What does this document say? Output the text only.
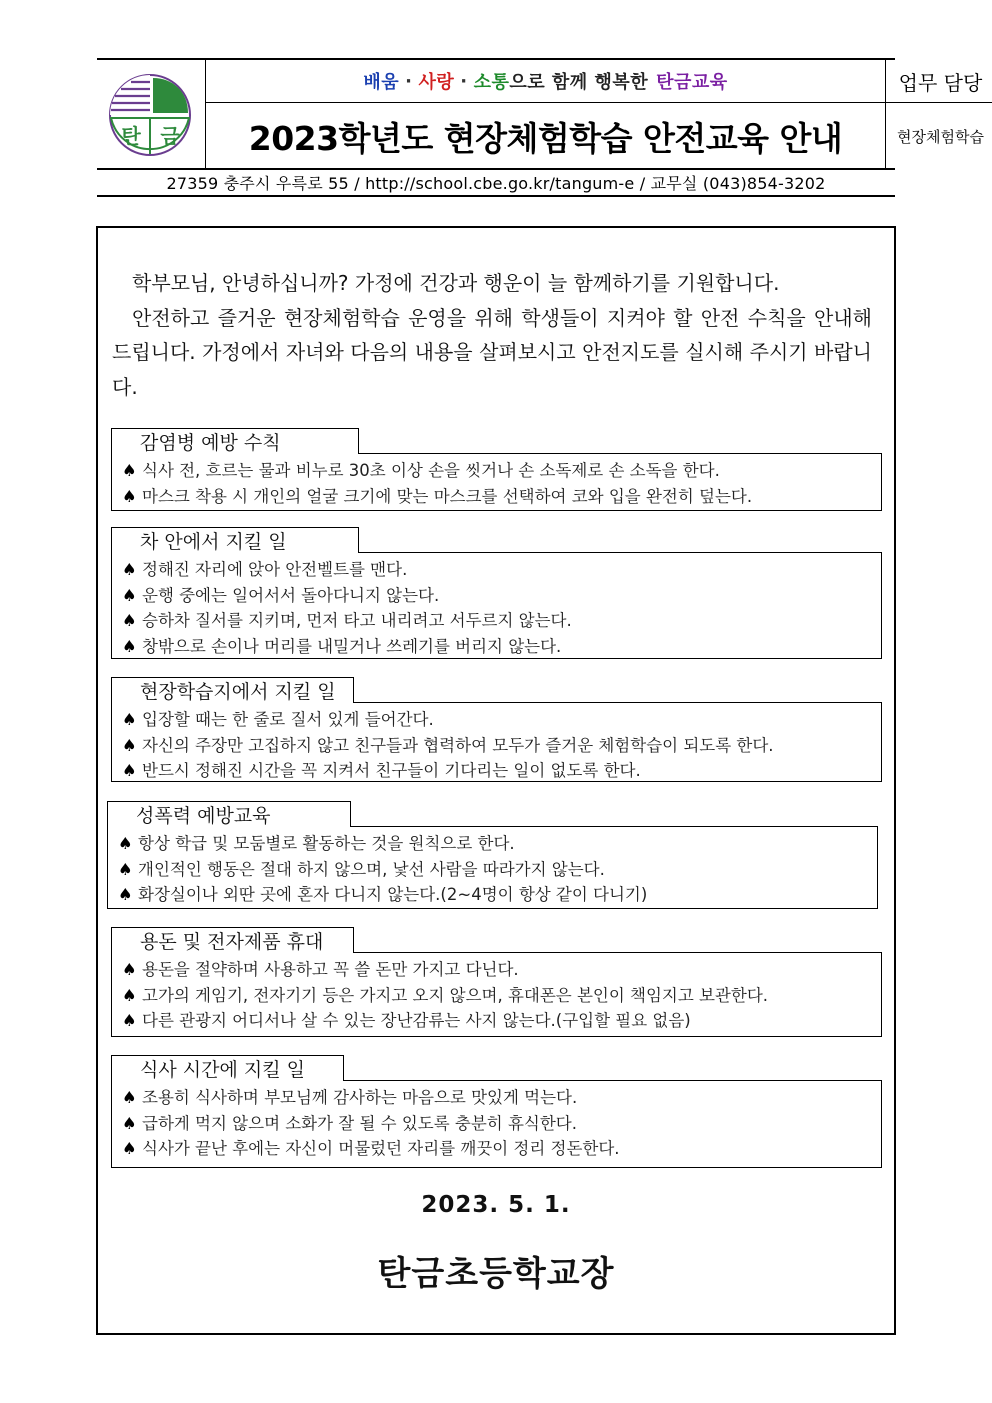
탄 금
배움 · 사랑 · 소통 으로 함께 행복한 탄금교육
2023학년도 현장체험학습 안전교육 안내
업무 담당
현장체험학습
27359 충주시 우륵로 55 / http://school.cbe.go.kr/tangum-e / 교무실 (043)854-3202

학부모님, 안녕하십니까? 가정에 건강과 행운이 늘 함께하기를 기원합니다.

안전하고 즐거운 현장체험학습 운영을 위해 학생들이 지켜야 할 안전 수칙을 안내해 드립니다. 가정에서 자녀와 다음의 내용을 살펴보시고 안전지도를 실시해 주시기 바랍니다.

감염병 예방 수칙
♠ 식사 전, 흐르는 물과 비누로 30초 이상 손을 씻거나 손 소독제로 손 소독을 한다.
♠ 마스크 착용 시 개인의 얼굴 크기에 맞는 마스크를 선택하여 코와 입을 완전히 덮는다.
차 안에서 지킬 일
♠ 정해진 자리에 앉아 안전벨트를 맨다.
♠ 운행 중에는 일어서서 돌아다니지 않는다.
♠ 승하차 질서를 지키며, 먼저 타고 내리려고 서두르지 않는다.
♠ 창밖으로 손이나 머리를 내밀거나 쓰레기를 버리지 않는다.
현장학습지에서 지킬 일
♠ 입장할 때는 한 줄로 질서 있게 들어간다.
♠ 자신의 주장만 고집하지 않고 친구들과 협력하여 모두가 즐거운 체험학습이 되도록 한다.
♠ 반드시 정해진 시간을 꼭 지켜서 친구들이 기다리는 일이 없도록 한다.
성폭력 예방교육
♠ 항상 학급 및 모둠별로 활동하는 것을 원칙으로 한다.
♠ 개인적인 행동은 절대 하지 않으며, 낯선 사람을 따라가지 않는다.
♠ 화장실이나 외딴 곳에 혼자 다니지 않는다.(2~4명이 항상 같이 다니기)
용돈 및 전자제품 휴대
♠ 용돈을 절약하며 사용하고 꼭 쓸 돈만 가지고 다닌다.
♠ 고가의 게임기, 전자기기 등은 가지고 오지 않으며, 휴대폰은 본인이 책임지고 보관한다.
♠ 다른 관광지 어디서나 살 수 있는 장난감류는 사지 않는다.(구입할 필요 없음)
식사 시간에 지킬 일
♠ 조용히 식사하며 부모님께 감사하는 마음으로 맛있게 먹는다.
♠ 급하게 먹지 않으며 소화가 잘 될 수 있도록 충분히 휴식한다.
♠ 식사가 끝난 후에는 자신이 머물렀던 자리를 깨끗이 정리 정돈한다.
2023. 5. 1.
탄금초등학교장
